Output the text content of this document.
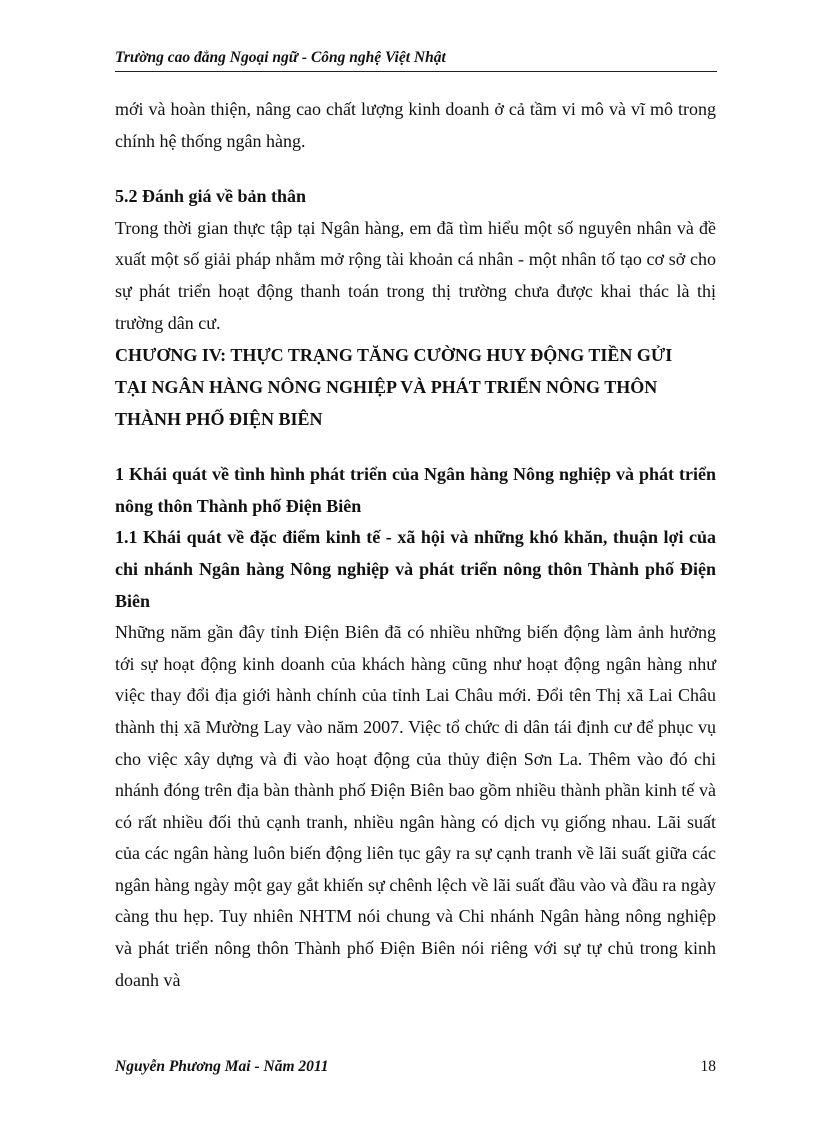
Trường cao đẳng Ngoại ngữ - Công nghệ Việt Nhật

mới và hoàn thiện, nâng cao chất lượng kinh doanh ở cả tầm vi mô và vĩ mô trong chính hệ thống ngân hàng.

5.2 Đánh giá về bản thân

Trong thời gian thực tập tại Ngân hàng, em đã tìm hiểu một số nguyên nhân và đề xuất một số giải pháp nhằm mở rộng tài khoản cá nhân - một nhân tố tạo cơ sở cho sự phát triển hoạt động thanh toán trong thị trường chưa được khai thác là thị trường dân cư.

CHƯƠNG IV: THỰC TRẠNG TĂNG CƯỜNG HUY ĐỘNG TIỀN GỬI

TẠI NGÂN HÀNG NÔNG NGHIỆP VÀ PHÁT TRIỂN NÔNG THÔN

THÀNH PHỐ ĐIỆN BIÊN

1 Khái quát về tình hình phát triển của Ngân hàng Nông nghiệp và phát triển nông thôn Thành phố Điện Biên

1.1 Khái quát về đặc điểm kinh tế - xã hội và những khó khăn, thuận lợi của chi nhánh Ngân hàng Nông nghiệp và phát triển nông thôn Thành phố Điện Biên

Những năm gần đây tỉnh Điện Biên đã có nhiều những biến động làm ảnh hưởng tới sự hoạt động kinh doanh của khách hàng cũng như hoạt động ngân hàng như việc thay đổi địa giới hành chính của tỉnh Lai Châu mới. Đổi tên Thị xã Lai Châu thành thị xã Mường Lay vào năm 2007. Việc tổ chức di dân tái định cư để phục vụ cho việc xây dựng và đi vào hoạt động của thủy điện Sơn La. Thêm vào đó chi nhánh đóng trên địa bàn thành phố Điện Biên bao gồm nhiều thành phần kinh tế và có rất nhiều đối thủ cạnh tranh, nhiều ngân hàng có dịch vụ giống nhau. Lãi suất của các ngân hàng luôn biến động liên tục gây ra sự cạnh tranh về lãi suất giữa các ngân hàng ngày một gay gắt khiến sự chênh lệch về lãi suất đầu vào và đầu ra ngày càng thu hẹp. Tuy nhiên NHTM nói chung và Chi nhánh Ngân hàng nông nghiệp và phát triển nông thôn Thành phố Điện Biên nói riêng với sự tự chủ trong kinh doanh và

Nguyễn Phương Mai - Năm 2011	18
